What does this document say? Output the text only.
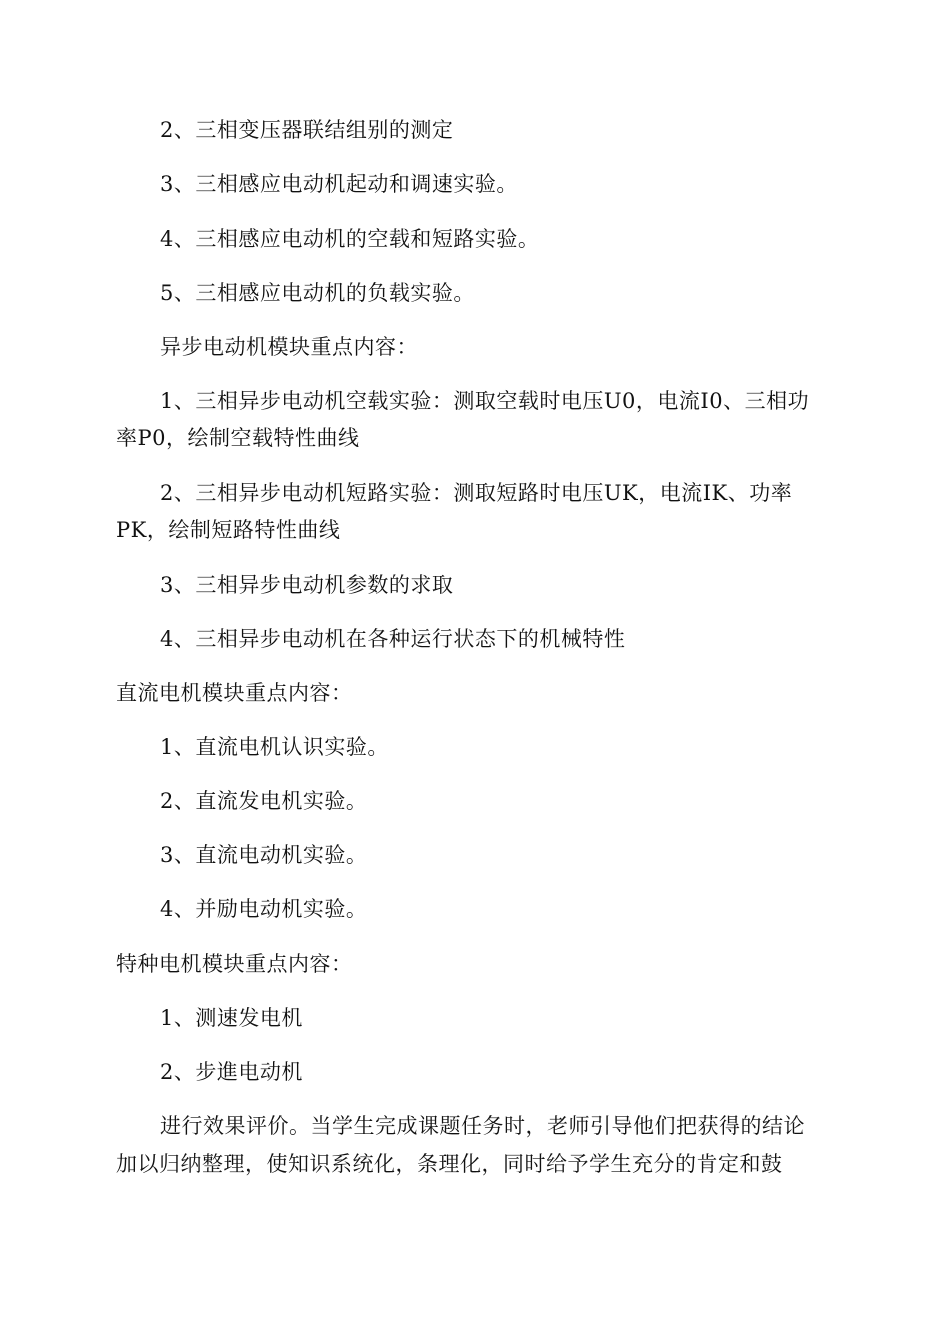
2、三相变压器联结组别的测定
3、三相感应电动机起动和调速实验。
4、三相感应电动机的空载和短路实验。
5、三相感应电动机的负载实验。
异步电动机模块重点内容：
1、三相异步电动机空载实验：测取空载时电压U0，电流I0、三相功
率P0，绘制空载特性曲线
2、三相异步电动机短路实验：测取短路时电压UK，电流IK、功率
PK，绘制短路特性曲线
3、三相异步电动机参数的求取
4、三相异步电动机在各种运行状态下的机械特性
直流电机模块重点内容：
1、直流电机认识实验。
2、直流发电机实验。
3、直流电动机实验。
4、并励电动机实验。
特种电机模块重点内容：
1、测速发电机
2、步進电动机
进行效果评价。当学生完成课题任务时，老师引导他们把获得的结论
加以归纳整理，使知识系统化，条理化，同时给予学生充分的肯定和鼓
